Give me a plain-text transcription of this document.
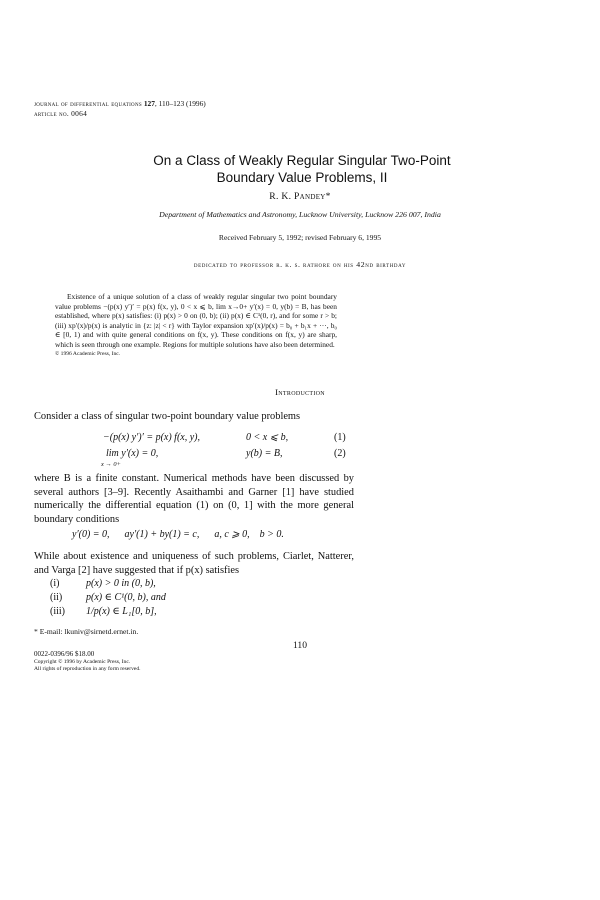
journal of differential equations 127, 110–123 (1996)
article no. 0064
On a Class of Weakly Regular Singular Two-Point
Boundary Value Problems, II
R. K. Pandey*
Department of Mathematics and Astronomy, Lucknow University, Lucknow 226 007, India
Received February 5, 1992; revised February 6, 1995
dedicated to professor r. k. s. rathore on his 42nd birthday

Existence of a unique solution of a class of weakly regular singular two point boundary value problems −(p(x) y′)′ = p(x) f(x, y), 0 < x ⩽ b, lim x→0+ y′(x) = 0, y(b) = B, has been established, where p(x) satisfies: (i) p(x) > 0 on (0, b); (ii) p(x) ∈ C¹(0, r), and for some r > b; (iii) xp′(x)/p(x) is analytic in {z: |z| < r} with Taylor expansion xp′(x)/p(x) = b₀ + b₁x + ···, b₀ ∈ [0, 1) and with quite general conditions on f(x, y). These conditions on f(x, y) are sharp, which is seen through one example. Regions for multiple solutions have also been determined.

© 1996 Academic Press, Inc.

Introduction
Consider a class of singular two-point boundary value problems
−(p(x) y′)′ = p(x) f(x, y),	0 < x ⩽ b,	(1)
lim y′(x) = 0,
x → 0+
y(b) = B,	(2)
where B is a finite constant. Numerical methods have been discussed by several authors [3–9]. Recently Asaithambi and Garner [1] have studied numerically the differential equation (1) on (0, 1] with the more general boundary conditions
y′(0) = 0,      ay′(1) + by(1) = c,      a, c ⩾ 0,    b > 0.
While about existence and uniqueness of such problems, Ciarlet, Natterer, and Varga [2] have suggested that if p(x) satisfies
(i)	p(x) > 0 in (0, b),
(ii) p(x) ∈ C¹(0, b), and
(iii) 1/p(x) ∈ L₁[0, b],
* E-mail: lkuniv@sirnetd.ernet.in.
110
0022-0396/96 $18.00
Copyright © 1996 by Academic Press, Inc.
All rights of reproduction in any form reserved.
